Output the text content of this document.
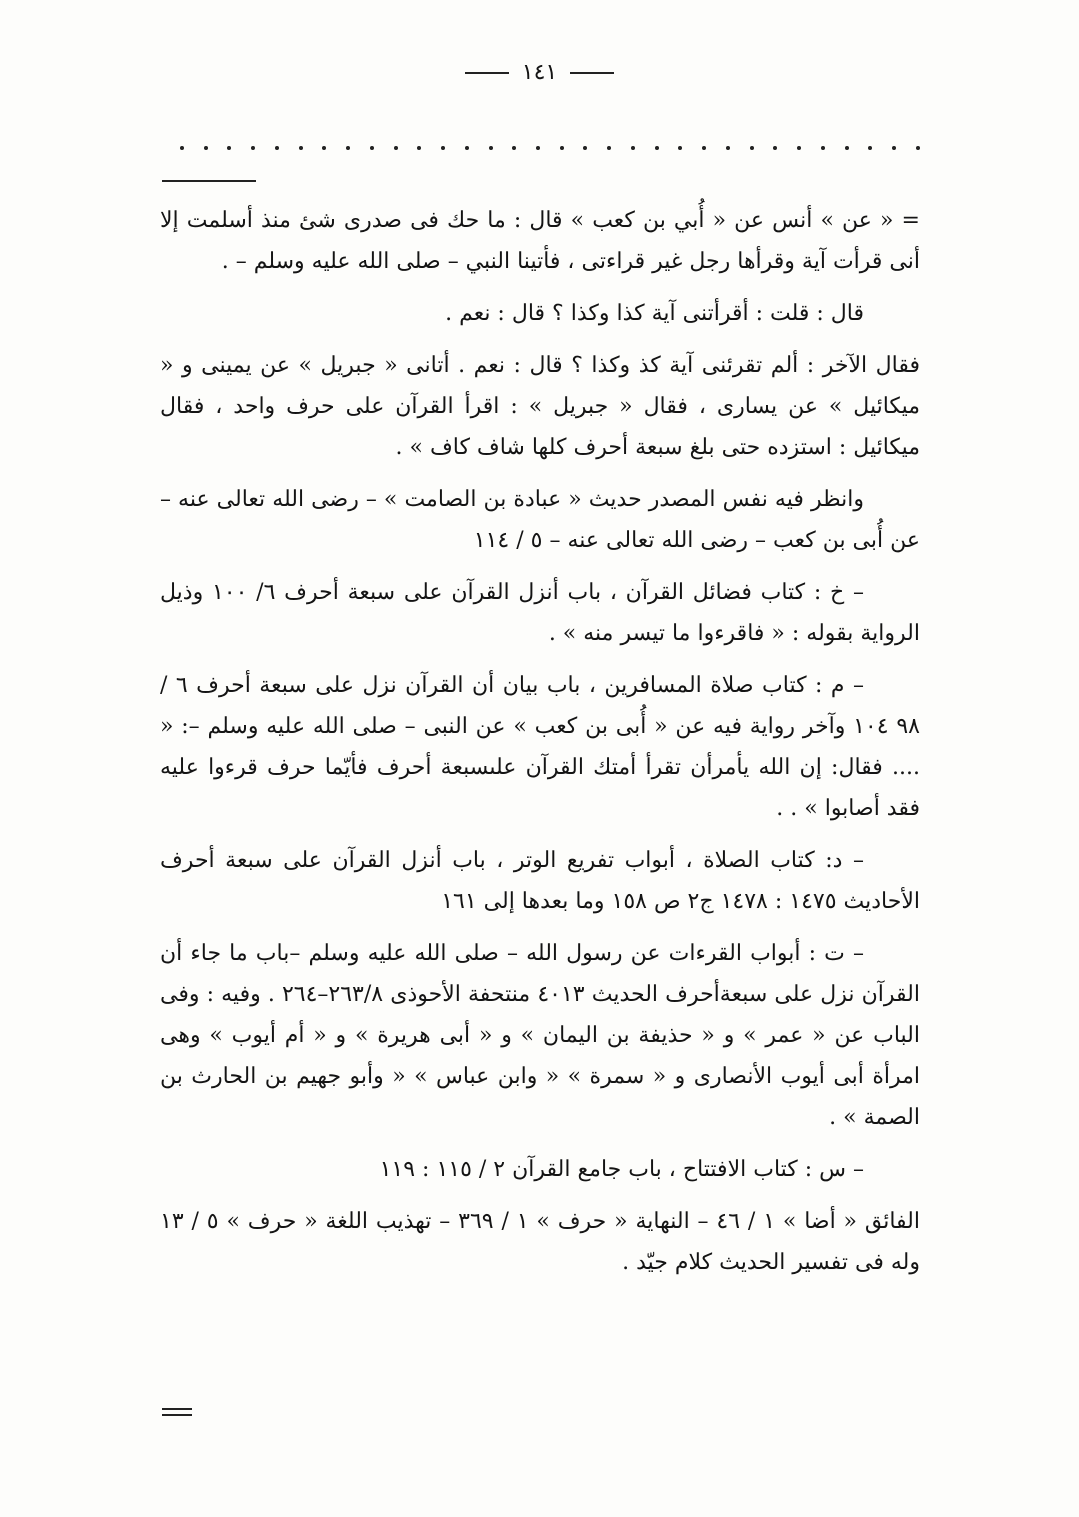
١٤١

= « عن » أنس عن « أُبي بن كعب » قال : ما حك فى صدرى شئ منذ أسلمت إلا أنى قرأت آية وقرأها رجل غير قراءتى ، فأتينا النبي – صلى الله عليه وسلم – .

قال : قلت : أقرأتنى آية كذا وكذا ؟ قال : نعم .

فقال الآخر : ألم تقرئنى آية كذ وكذا ؟ قال : نعم . أتانى « جبريل » عن يمينى و « ميكائيل » عن يسارى ، فقال « جبريل » : اقرأ القرآن على حرف واحد ، فقال ميكائيل : استزده حتى بلغ سبعة أحرف كلها شاف كاف » .

وانظر فيه نفس المصدر حديث « عبادة بن الصامت » – رضى الله تعالى عنه – عن أُبى بن كعب – رضى الله تعالى عنه – ٥ / ١١٤

– خ : كتاب فضائل القرآن ، باب أنزل القرآن على سبعة أحرف ٦/ ١٠٠ وذيل الرواية بقوله : « فاقرءوا ما تيسر منه » .

– م : كتاب صلاة المسافرين ، باب بيان أن القرآن نزل على سبعة أحرف ٦ / ٩٨ ١٠٤ وآخر رواية فيه عن « أُبى بن كعب » عن النبى – صلى الله عليه وسلم –: « .... فقال: إن الله يأمرأن تقرأ أمتك القرآن علىسبعة أحرف فأيّما حرف قرءوا عليه فقد أصابوا » . .

– د: كتاب الصلاة ، أبواب تفريع الوتر ، باب أنزل القرآن على سبعة أحرف الأحاديث ١٤٧٥ : ١٤٧٨ ج٢ ص ١٥٨ وما بعدها إلى ١٦١

– ت : أبواب القرءات عن رسول الله – صلى الله عليه وسلم –باب ما جاء أن القرآن نزل على سبعةأحرف الحديث ٤٠١٣ منتحفة الأحوذى ٢٦٣/٨–٢٦٤ . وفيه : وفى الباب عن « عمر » و « حذيفة بن اليمان » و « أبى هريرة » و « أم أيوب » وهى امرأة أبى أيوب الأنصارى و « سمرة » « وابن عباس » « وأبو جهيم بن الحارث بن الصمة » .

– س : كتاب الافتتاح ، باب جامع القرآن ٢ / ١١٥ : ١١٩

الفائق « أضا » ١ / ٤٦ – النهاية « حرف » ١ / ٣٦٩ – تهذيب اللغة « حرف » ٥ / ١٣ وله فى تفسير الحديث كلام جيّد .
